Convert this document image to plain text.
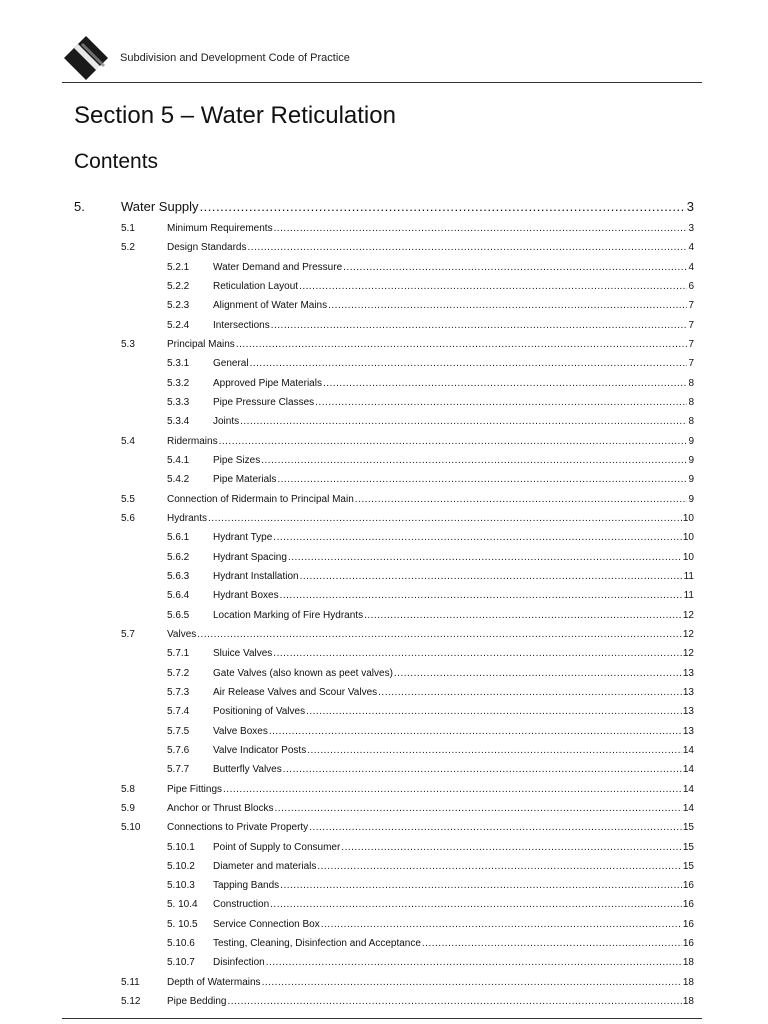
Subdivision and Development Code of Practice
Section 5 – Water Reticulation
Contents
5.	Water Supply .....	3
5.1	Minimum Requirements .....	3
5.2	Design Standards .....	4
5.2.1 Water Demand and Pressure .....	4
5.2.2 Reticulation Layout .....	6
5.2.3 Alignment of Water Mains .....	7
5.2.4 Intersections .....	7
5.3	Principal Mains .....	7
5.3.1 General .....	7
5.3.2 Approved Pipe Materials .....	8
5.3.3 Pipe Pressure Classes .....	8
5.3.4 Joints .....	8
5.4	Ridermains .....	9
5.4.1 Pipe Sizes .....	9
5.4.2 Pipe Materials .....	9
5.5	Connection of Ridermain to Principal Main .....	9
5.6	Hydrants .....	10
5.6.1 Hydrant Type .....	10
5.6.2 Hydrant Spacing .....	10
5.6.3 Hydrant Installation .....	11
5.6.4 Hydrant Boxes .....	11
5.6.5 Location Marking of Fire Hydrants .....	12
5.7	Valves .....	12
5.7.1 Sluice Valves .....	12
5.7.2 Gate Valves (also known as peet valves) .....	13
5.7.3 Air Release Valves and Scour Valves .....	13
5.7.4 Positioning of Valves .....	13
5.7.5 Valve Boxes .....	13
5.7.6 Valve Indicator Posts .....	14
5.7.7 Butterfly Valves .....	14
5.8	Pipe Fittings .....	14
5.9	Anchor or Thrust Blocks .....	14
5.10	Connections to Private Property .....	15
5.10.1 Point of Supply to Consumer .....	15
5.10.2 Diameter and materials .....	15
5.10.3 Tapping Bands .....	16
5. 10.4 Construction .....	16
5. 10.5 Service Connection Box .....	16
5.10.6 Testing, Cleaning, Disinfection and Acceptance .....	16
5.10.7 Disinfection .....	18
5.11	Depth of Watermains .....	18
5.12	Pipe Bedding .....	18
